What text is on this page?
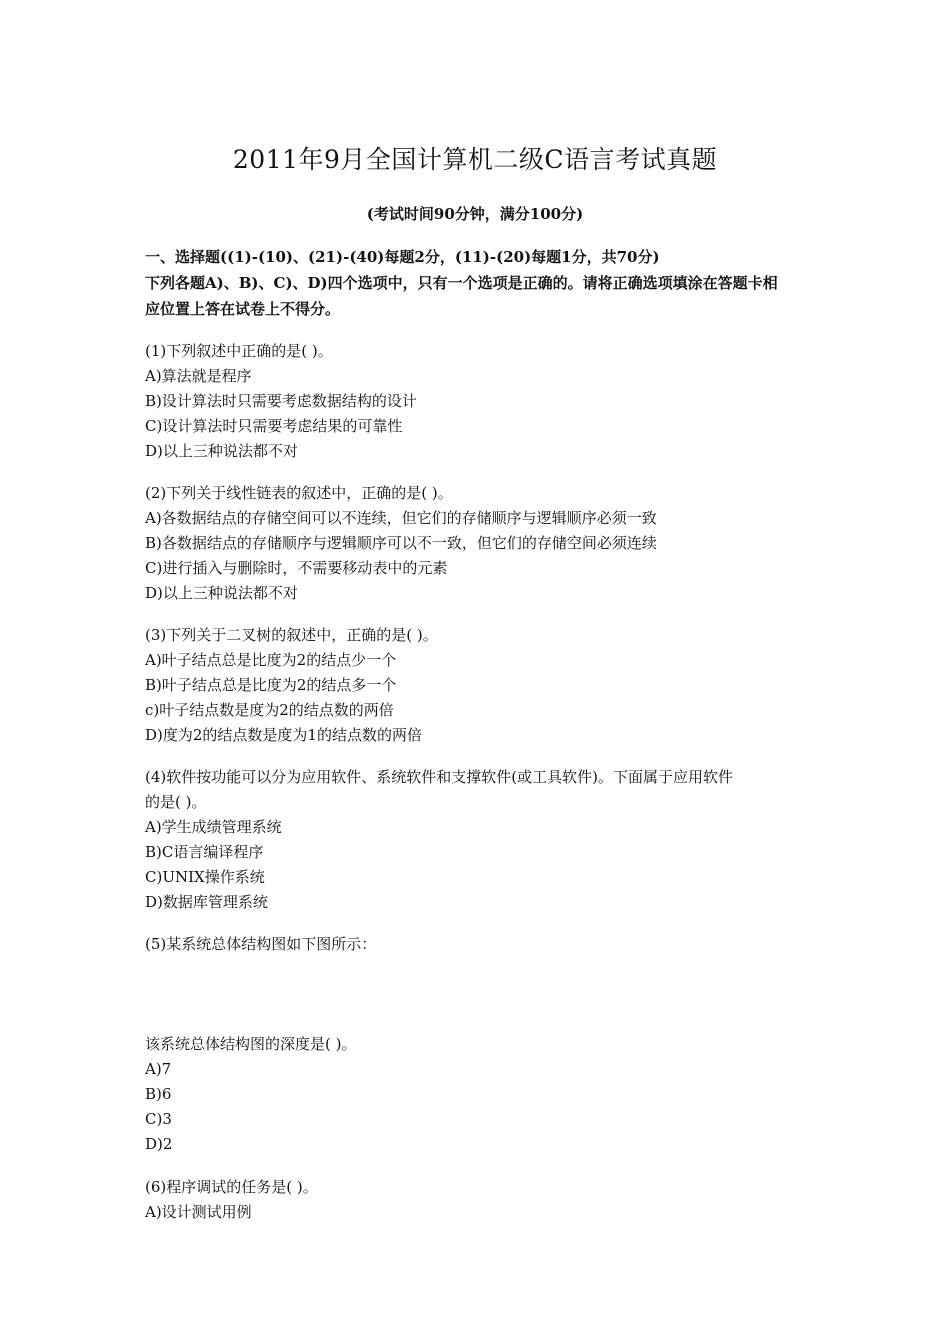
2011年9月全国计算机二级C语言考试真题
(考试时间90分钟，满分100分)

一、选择题((1)-(10)、(21)-(40)每题2分，(11)-(20)每题1分，共70分)

下列各题A)、B)、C)、D)四个选项中，只有一个选项是正确的。请将正确选项填涂在答题卡相

应位置上答在试卷上不得分。

(1)下列叙述中正确的是( )。

A)算法就是程序

B)设计算法时只需要考虑数据结构的设计

C)设计算法时只需要考虑结果的可靠性

D)以上三种说法都不对

(2)下列关于线性链表的叙述中，正确的是( )。

A)各数据结点的存储空间可以不连续，但它们的存储顺序与逻辑顺序必须一致

B)各数据结点的存储顺序与逻辑顺序可以不一致，但它们的存储空间必须连续

C)进行插入与删除时，不需要移动表中的元素

D)以上三种说法都不对

(3)下列关于二叉树的叙述中，正确的是( )。

A)叶子结点总是比度为2的结点少一个

B)叶子结点总是比度为2的结点多一个

c)叶子结点数是度为2的结点数的两倍

D)度为2的结点数是度为1的结点数的两倍

(4)软件按功能可以分为应用软件、系统软件和支撑软件(或工具软件)。下面属于应用软件

的是( )。

A)学生成绩管理系统

B)C语言编译程序

C)UNIX操作系统

D)数据库管理系统

(5)某系统总体结构图如下图所示：

该系统总体结构图的深度是( )。

A)7

B)6

C)3

D)2

(6)程序调试的任务是( )。

A)设计测试用例
